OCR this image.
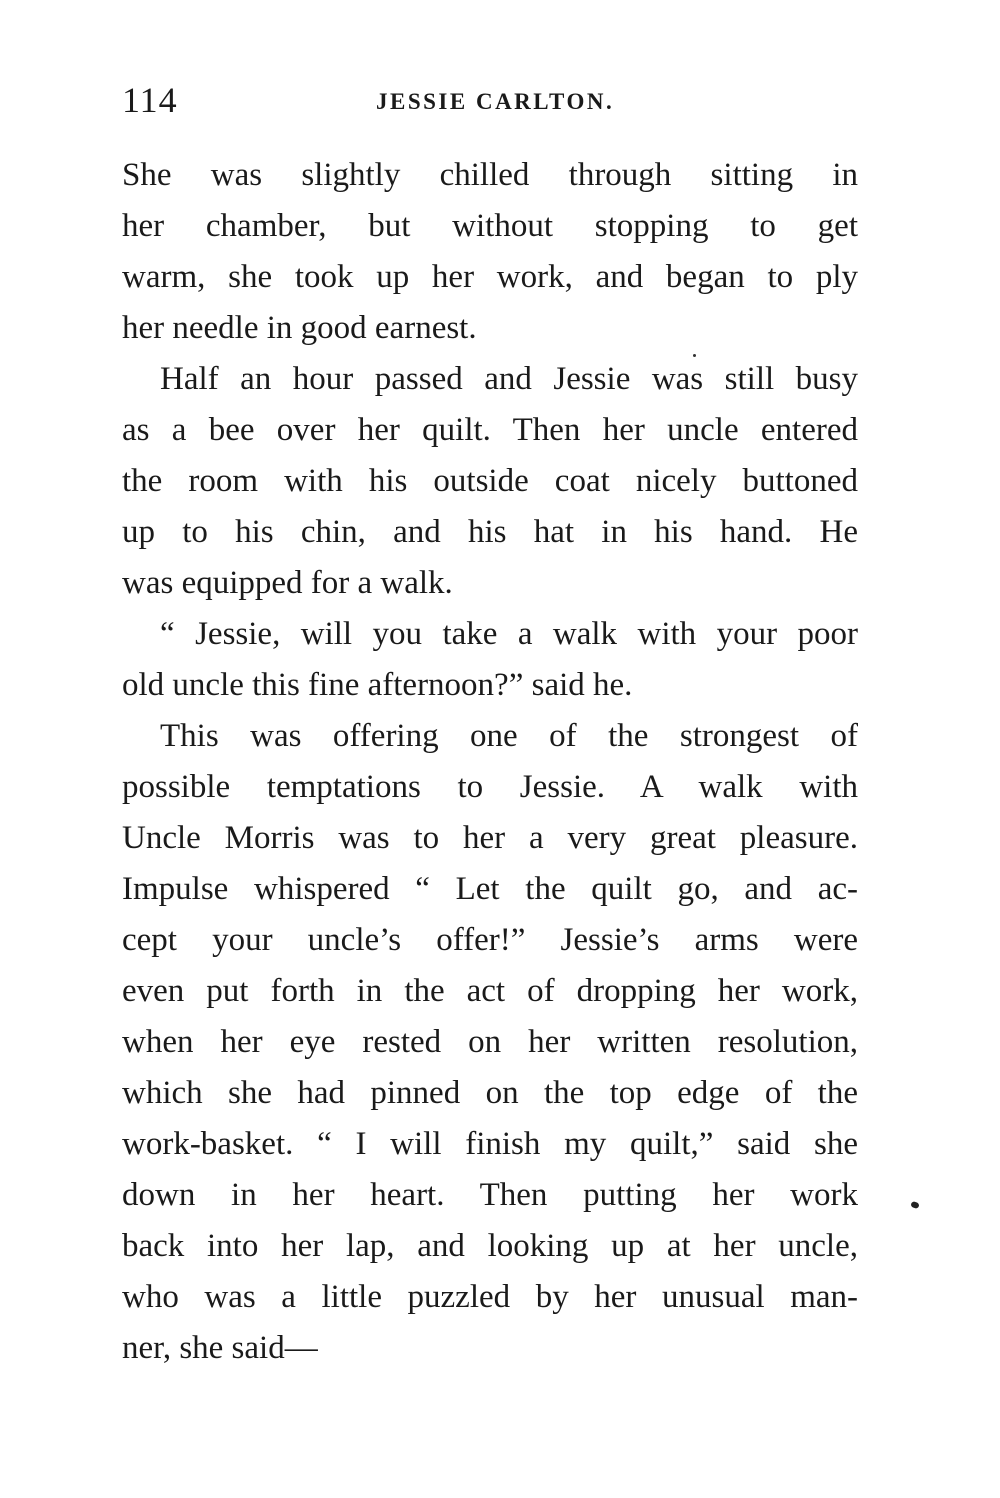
114	JESSIE CARLTON.
She was slightly chilled through sitting in
her chamber, but without stopping to get
warm, she took up her work, and began to ply
her needle in good earnest.
Half an hour passed and Jessie was still busy
as a bee over her quilt. Then her uncle entered
the room with his outside coat nicely buttoned
up to his chin, and his hat in his hand. He
was equipped for a walk.
“ Jessie, will you take a walk with your poor
old uncle this fine afternoon?” said he.
This was offering one of the strongest of
possible temptations to Jessie. A walk with
Uncle Morris was to her a very great pleasure.
Impulse whispered “ Let the quilt go, and ac-
cept your uncle’s offer!” Jessie’s arms were
even put forth in the act of dropping her work,
when her eye rested on her written resolution,
which she had pinned on the top edge of the
work-basket. “ I will finish my quilt,” said she
down in her heart. Then putting her work
back into her lap, and looking up at her uncle,
who was a little puzzled by her unusual man-
ner, she said—
